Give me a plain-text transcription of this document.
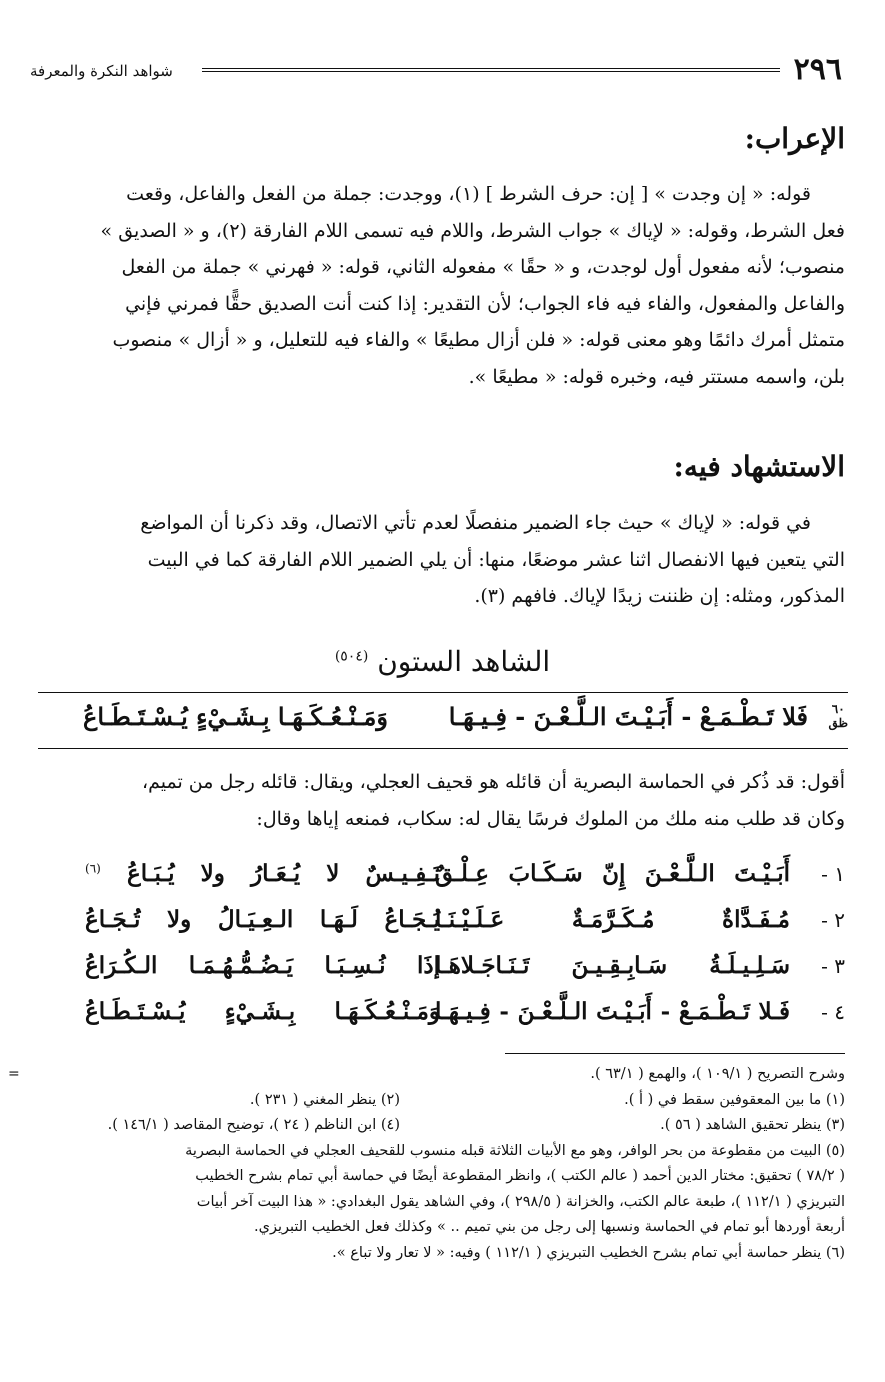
٢٩٦
شواهد النكرة والمعرفة
الإعراب:

قوله: « إن وجدت » [ إن: حرف الشرط ] (١)، ووجدت: جملة من الفعل والفاعل، وقعت

فعل الشرط، وقوله: « لإياك » جواب الشرط، واللام فيه تسمى اللام الفارقة (٢)، و « الصديق »
منصوب؛ لأنه مفعول أول لوجدت، و « حقًا » مفعوله الثاني، قوله: « فهرني » جملة من الفعل
والفاعل والمفعول، والفاء فيه فاء الجواب؛ لأن التقدير: إذا كنت أنت الصديق حقًّا فمرني فإني
متمثل أمرك دائمًا وهو معنى قوله: « فلن أزال مطيعًا » والفاء فيه للتعليل، و « أزال » منصوب
بلن، واسمه مستتر فيه، وخبره قوله: « مطيعًا ».
الاستشهاد فيه:

في قوله: « لإياك » حيث جاء الضمير منفصلًا لعدم تأتي الاتصال، وقد ذكرنا أن المواضع

التي يتعين فيها الانفصال اثنا عشر موضعًا، منها: أن يلي الضمير اللام الفارقة كما في البيت
المذكور، ومثله: إن ظننت زيدًا لإياك. فافهم (٣).
الشاهد الستون $^{(٥٠٤)}$
٦٠
ظق
فَلا تَـطْـمَـعْ - أَبَـيْـتَ الـلَّـعْـنَ - فِـيـهَـا
وَمَـنْـعُـكَـهَـا بِـشَـيْءٍ يُـسْـتَـطَـاعُ
أقول: قد ذُكر في الحماسة البصرية أن قائله هو قحيف العجلي، ويقال: قائله رجل من تميم،
وكان قد طلب منه ملك من الملوك فرسًا يقال له: سكاب، فمنعه إياها وقال:
١ -
أَبَـيْـتَ الـلَّـعْـنَ إِنّ سَـكَـابَ عِـلْـقٌ
نَـفِـيـسٌ لا يُـعَـارُ ولا يُـبَـاعُ $^{(٦)}$
٢ -
مُـفَـدَّاةٌ مُـكَـرَّمَـةٌ عَـلَـيْـنَـا
يُـجَـاعُ لَـهَـا الـعِـيَـالُ ولا تُـجَـاعُ
٣ -
سَـلِـيـلَـةُ سَـابِـقِـيـنَ تَـنَـاجَـلاهَـا
إذَا نُـسِـبَـا يَـضُـمُّـهُـمَـا الـكُـرَاعُ
٤ -
فَـلا تَـطْـمَـعْ - أَبَـيْـتَ الـلَّـعْـنَ - فِـيـهَـا
وَمَـنْـعُـكَـهَـا بِـشَـيْءٍ يُـسْـتَـطَـاعُ
=	وشرح التصريح ( ١٠٩/١ )، والهمع ( ٦٣/١ ).
(١) ما بين المعقوفين سقط في ( أ ).
(٢) ينظر المغني ( ٢٣١ ).
(٣) ينظر تحقيق الشاهد ( ٥٦ ).
(٤) ابن الناظم ( ٢٤ )، توضيح المقاصد ( ١٤٦/١ ).
(٥) البيت من مقطوعة من بحر الوافر، وهو مع الأبيات الثلاثة قبله منسوب للقحيف العجلي في الحماسة البصرية
( ٧٨/٢ ) تحقيق: مختار الدين أحمد ( عالم الكتب )، وانظر المقطوعة أيضًا في حماسة أبي تمام بشرح الخطيب
التبريزي ( ١١٢/١ )، طبعة عالم الكتب، والخزانة ( ٢٩٨/٥ )، وفي الشاهد يقول البغدادي: « هذا البيت آخر أبيات
أربعة أوردها أبو تمام في الحماسة ونسبها إلى رجل من بني تميم .. » وكذلك فعل الخطيب التبريزي.
(٦) ينظر حماسة أبي تمام بشرح الخطيب التبريزي ( ١١٢/١ ) وفيه: « لا تعار ولا تباع ».
